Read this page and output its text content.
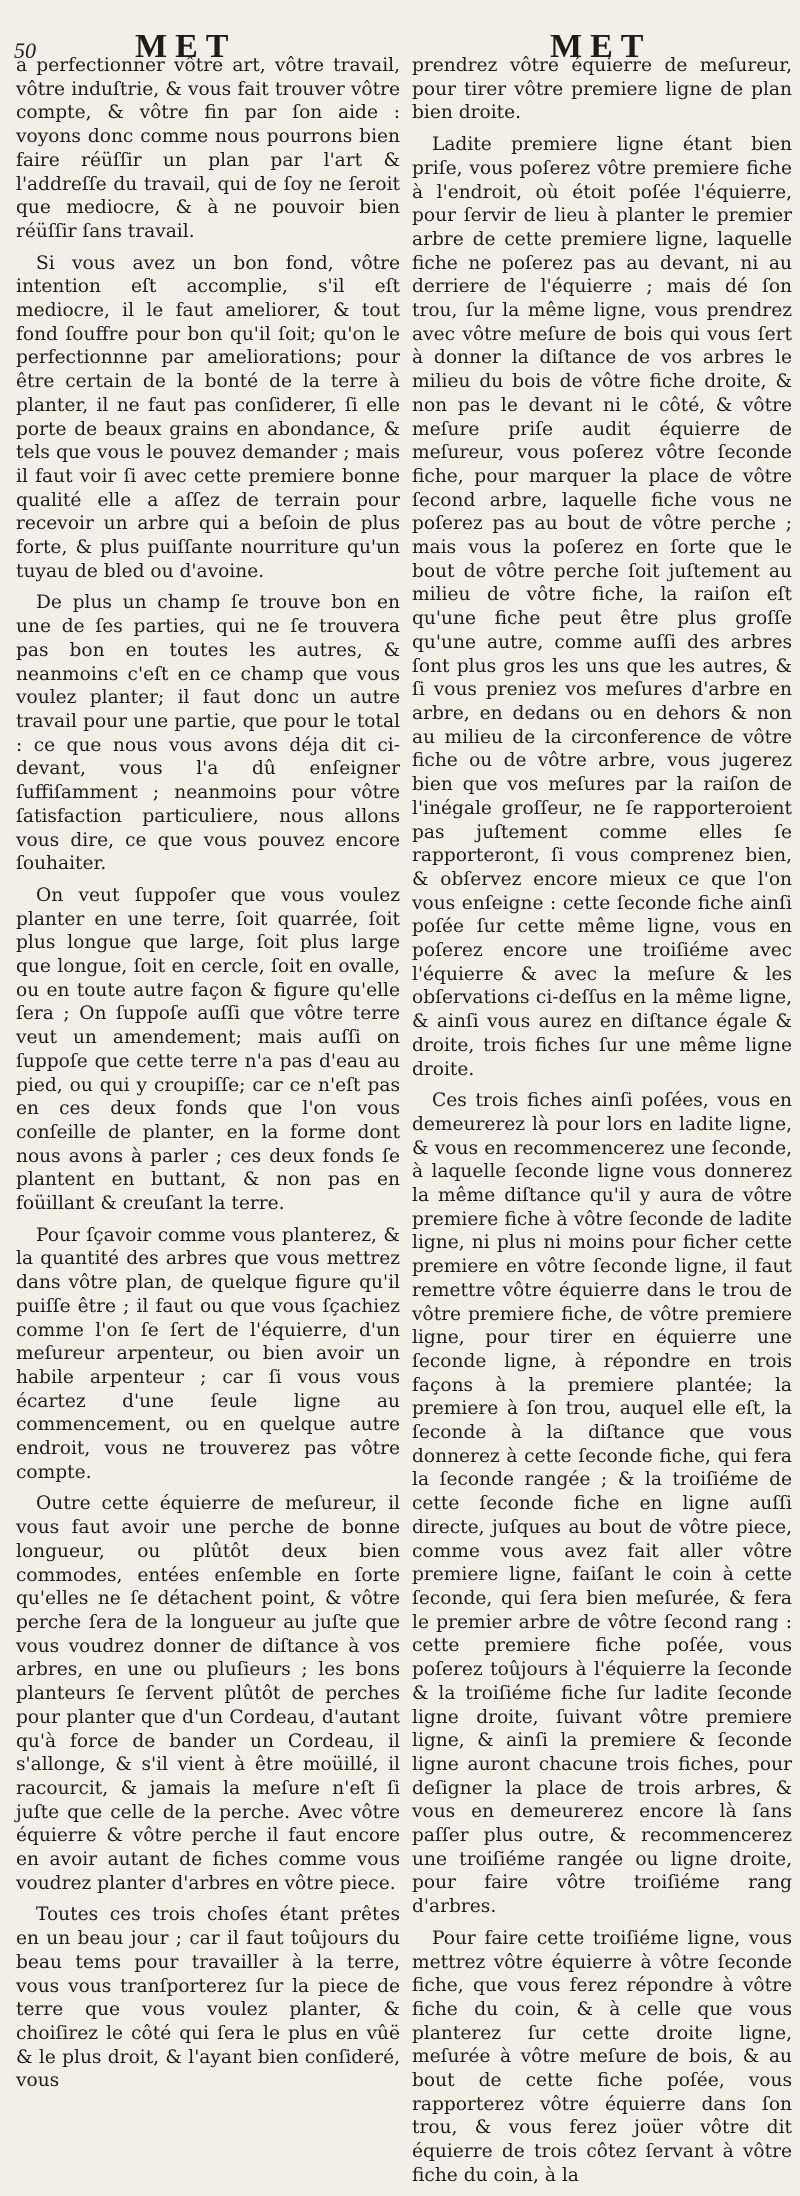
50	MET	MET

a perfectionner vôtre art, vôtre travail, vôtre induſtrie, & vous fait trouver vôtre compte, & vôtre fin par ſon aide : voyons donc comme nous pourrons bien faire réüſſir un plan par l'art & l'addreſſe du travail, qui de ſoy ne ſeroit que mediocre, & à ne pouvoir bien réüſſir ſans travail.

Si vous avez un bon fond, vôtre intention eſt accomplie, s'il eſt mediocre, il le faut ameliorer, & tout fond ſouffre pour bon qu'il ſoit; qu'on le perfectionnne par ameliorations; pour être certain de la bonté de la terre à planter, il ne faut pas conſiderer, ſi elle porte de beaux grains en abondance, & tels que vous le pouvez demander ; mais il faut voir ſi avec cette premiere bonne qualité elle a aſſez de terrain pour recevoir un arbre qui a beſoin de plus forte, & plus puiſſante nourriture qu'un tuyau de bled ou d'avoine.

De plus un champ ſe trouve bon en une de ſes parties, qui ne ſe trouvera pas bon en toutes les autres, & neanmoins c'eſt en ce champ que vous voulez planter; il faut donc un autre travail pour une partie, que pour le total : ce que nous vous avons déja dit ci-devant, vous l'a dû enſeigner ſuffiſamment ; neanmoins pour vôtre ſatisfaction particuliere, nous allons vous dire, ce que vous pouvez encore ſouhaiter.

On veut ſuppoſer que vous voulez planter en une terre, ſoit quarrée, ſoit plus longue que large, ſoit plus large que longue, ſoit en cercle, ſoit en ovalle, ou en toute autre façon & figure qu'elle ſera ; On ſuppoſe auſſi que vôtre terre veut un amendement; mais auſſi on ſuppoſe que cette terre n'a pas d'eau au pied, ou qui y croupiſſe; car ce n'eſt pas en ces deux fonds que l'on vous conſeille de planter, en la forme dont nous avons à parler ; ces deux fonds ſe plantent en buttant, & non pas en foüillant & creuſant la terre.

Pour ſçavoir comme vous planterez, & la quantité des arbres que vous mettrez dans vôtre plan, de quelque figure qu'il puiſſe être ; il faut ou que vous ſçachiez comme l'on ſe ſert de l'équierre, d'un meſureur arpenteur, ou bien avoir un habile arpenteur ; car ſi vous vous écartez d'une ſeule ligne au commencement, ou en quelque autre endroit, vous ne trouverez pas vôtre compte.

Outre cette équierre de meſureur, il vous faut avoir une perche de bonne longueur, ou plûtôt deux bien commodes, entées enſemble en ſorte qu'elles ne ſe détachent point, & vôtre perche ſera de la longueur au juſte que vous voudrez donner de diſtance à vos arbres, en une ou pluſieurs ; les bons planteurs ſe ſervent plûtôt de perches pour planter que d'un Cordeau, d'autant qu'à force de bander un Cordeau, il s'allonge, & s'il vient à être moüillé, il racourcit, & jamais la meſure n'eſt ſi juſte que celle de la perche. Avec vôtre équierre & vôtre perche il faut encore en avoir autant de fiches comme vous voudrez planter d'arbres en vôtre piece.

Toutes ces trois choſes étant prêtes en un beau jour ; car il faut toûjours du beau tems pour travailler à la terre, vous vous tranſporterez ſur la piece de terre que vous voulez planter, & choiſirez le côté qui ſera le plus en vûë & le plus droit, & l'ayant bien conſideré, vous

prendrez vôtre équierre de meſureur, pour tirer vôtre premiere ligne de plan bien droite.

Ladite premiere ligne étant bien priſe, vous poſerez vôtre premiere fiche à l'endroit, où étoit poſée l'équierre, pour ſervir de lieu à planter le premier arbre de cette premiere ligne, laquelle fiche ne poſerez pas au devant, ni au derriere de l'équierre ; mais dé ſon trou, ſur la même ligne, vous prendrez avec vôtre meſure de bois qui vous ſert à donner la diſtance de vos arbres le milieu du bois de vôtre fiche droite, & non pas le devant ni le côté, & vôtre meſure priſe audit équierre de meſureur, vous poſerez vôtre ſeconde fiche, pour marquer la place de vôtre ſecond arbre, laquelle fiche vous ne poſerez pas au bout de vôtre perche ; mais vous la poſerez en ſorte que le bout de vôtre perche ſoit juſtement au milieu de vôtre fiche, la raiſon eſt qu'une fiche peut être plus groſſe qu'une autre, comme auſſi des arbres ſont plus gros les uns que les autres, & ſi vous preniez vos meſures d'arbre en arbre, en dedans ou en dehors & non au milieu de la circonference de vôtre fiche ou de vôtre arbre, vous jugerez bien que vos meſures par la raiſon de l'inégale groſſeur, ne ſe rapporteroient pas juſtement comme elles ſe rapporteront, ſi vous comprenez bien, & obſervez encore mieux ce que l'on vous enſeigne : cette ſeconde fiche ainſi poſée ſur cette même ligne, vous en poſerez encore une troiſiéme avec l'équierre & avec la meſure & les obſervations ci-deſſus en la même ligne, & ainſi vous aurez en diſtance égale & droite, trois fiches ſur une même ligne droite.

Ces trois fiches ainſi poſées, vous en demeurerez là pour lors en ladite ligne, & vous en recommencerez une ſeconde, à laquelle ſeconde ligne vous donnerez la même diſtance qu'il y aura de vôtre premiere fiche à vôtre ſeconde de ladite ligne, ni plus ni moins pour ficher cette premiere en vôtre ſeconde ligne, il faut remettre vôtre équierre dans le trou de vôtre premiere fiche, de vôtre premiere ligne, pour tirer en équierre une ſeconde ligne, à répondre en trois façons à la premiere plantée; la premiere à ſon trou, auquel elle eſt, la ſeconde à la diſtance que vous donnerez à cette ſeconde fiche, qui fera la ſeconde rangée ; & la troiſiéme de cette ſeconde fiche en ligne auſſi directe, juſques au bout de vôtre piece, comme vous avez fait aller vôtre premiere ligne, faiſant le coin à cette ſeconde, qui ſera bien meſurée, & fera le premier arbre de vôtre ſecond rang : cette premiere fiche poſée, vous poſerez toûjours à l'équierre la ſeconde & la troiſiéme fiche ſur ladite ſeconde ligne droite, ſuivant vôtre premiere ligne, & ainſi la premiere & ſeconde ligne auront chacune trois fiches, pour deſigner la place de trois arbres, & vous en demeurerez encore là ſans paſſer plus outre, & recommencerez une troiſiéme rangée ou ligne droite, pour faire vôtre troiſiéme rang d'arbres.

Pour faire cette troiſiéme ligne, vous mettrez vôtre équierre à vôtre ſeconde fiche, que vous ferez répondre à vôtre fiche du coin, & à celle que vous planterez ſur cette droite ligne, meſurée à vôtre meſure de bois, & au bout de cette fiche poſée, vous rapporterez vôtre équierre dans ſon trou, & vous ferez joüer vôtre dit équierre de trois côtez ſervant à vôtre fiche du coin, à la
